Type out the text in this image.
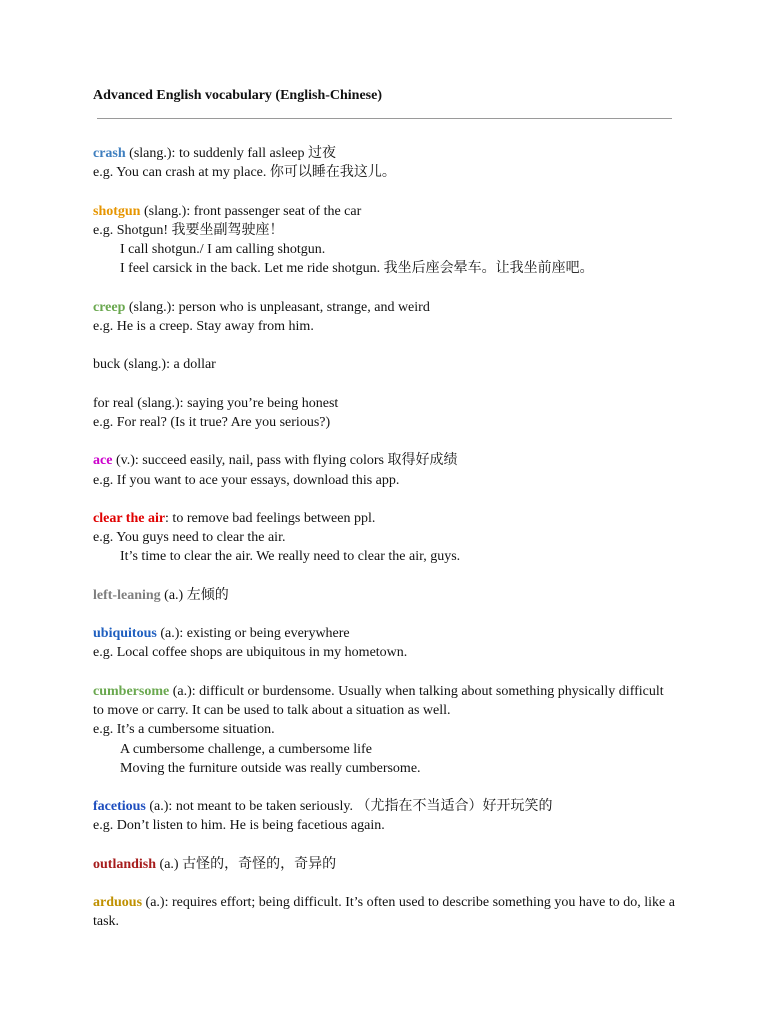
Advanced English vocabulary (English-Chinese)
crash (slang.): to suddenly fall asleep 过夜
e.g. You can crash at my place. 你可以睡在我这儿。
shotgun (slang.): front passenger seat of the car
e.g. Shotgun! 我要坐副驾驶座！
I call shotgun./ I am calling shotgun.
I feel carsick in the back. Let me ride shotgun. 我坐后座会晕车。让我坐前座吧。
creep (slang.): person who is unpleasant, strange, and weird
e.g. He is a creep. Stay away from him.
buck (slang.): a dollar
for real (slang.): saying you’re being honest
e.g. For real? (Is it true? Are you serious?)
ace (v.): succeed easily, nail, pass with flying colors 取得好成绩
e.g. If you want to ace your essays, download this app.
clear the air: to remove bad feelings between ppl.
e.g. You guys need to clear the air.
It’s time to clear the air. We really need to clear the air, guys.
left-leaning (a.) 左倾的
ubiquitous (a.): existing or being everywhere
e.g. Local coffee shops are ubiquitous in my hometown.
cumbersome (a.): difficult or burdensome. Usually when talking about something physically difficult to move or carry. It can be used to talk about a situation as well.
e.g. It’s a cumbersome situation.
A cumbersome challenge, a cumbersome life
Moving the furniture outside was really cumbersome.
facetious (a.): not meant to be taken seriously. （尤指在不当适合）好开玩笑的
e.g. Don’t listen to him. He is being facetious again.
outlandish (a.) 古怪的，奇怪的，奇异的
arduous (a.): requires effort; being difficult. It’s often used to describe something you have to do, like a task.
